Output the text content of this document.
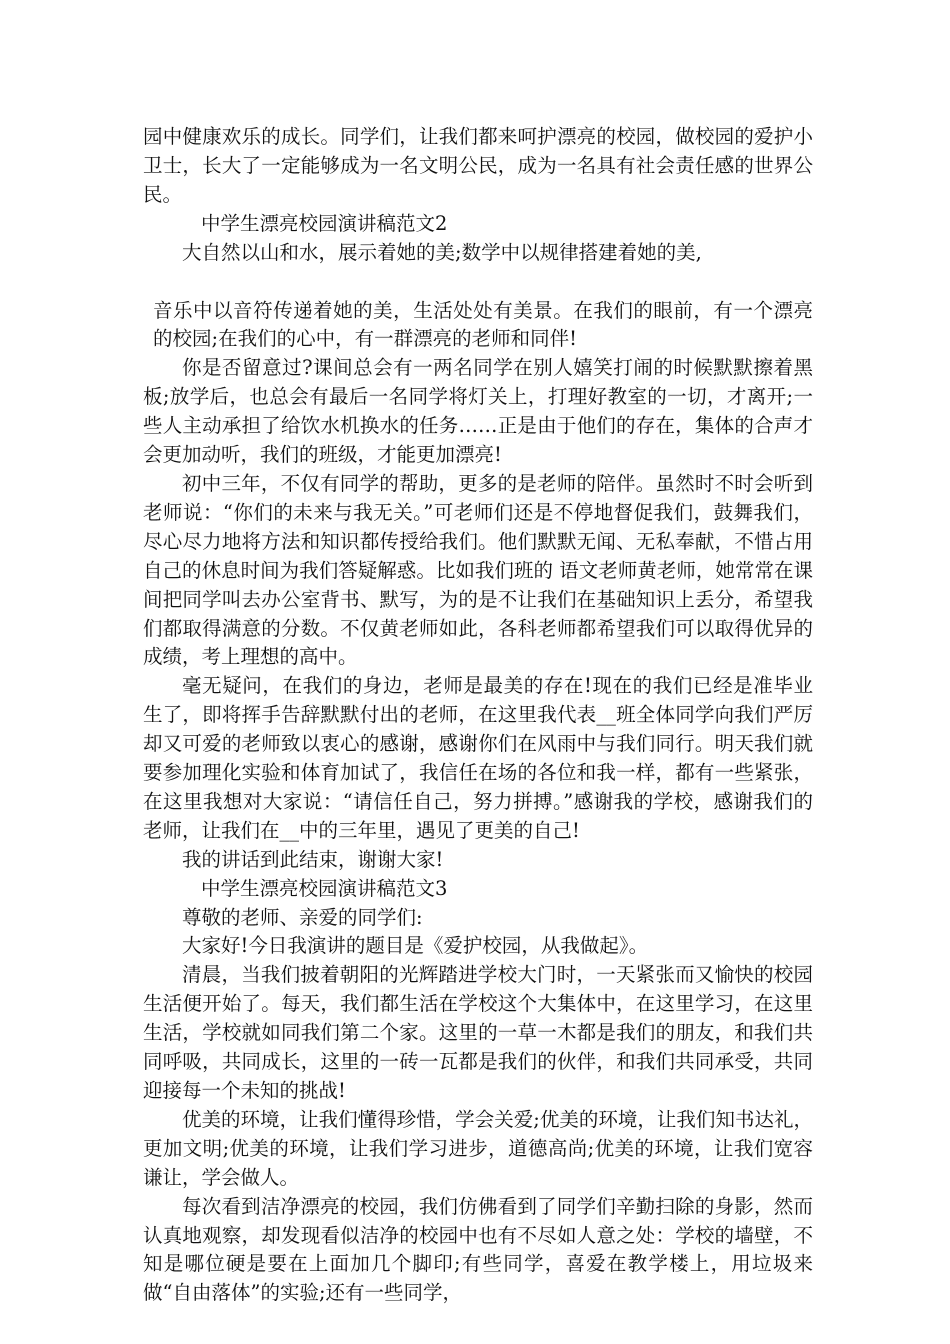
园中健康欢乐的成长。同学们，让我们都来呵护漂亮的校园，做校园的爱护小卫士，长大了一定能够成为一名文明公民，成为一名具有社会责任感的世界公民。

中学生漂亮校园演讲稿范文2

大自然以山和水，展示着她的美;数学中以规律搭建着她的美,

音乐中以音符传递着她的美，生活处处有美景。在我们的眼前，有一个漂亮的校园;在我们的心中，有一群漂亮的老师和同伴!

你是否留意过?课间总会有一两名同学在别人嬉笑打闹的时候默默擦着黑板;放学后，也总会有最后一名同学将灯关上，打理好教室的一切，才离开;一些人主动承担了给饮水机换水的任务……正是由于他们的存在，集体的合声才会更加动听，我们的班级，才能更加漂亮!

初中三年，不仅有同学的帮助，更多的是老师的陪伴。虽然时不时会听到老师说：“你们的未来与我无关。”可老师们还是不停地督促我们，鼓舞我们，尽心尽力地将方法和知识都传授给我们。他们默默无闻、无私奉献，不惜占用自己的休息时间为我们答疑解惑。比如我们班的 语文老师黄老师，她常常在课间把同学叫去办公室背书、默写，为的是不让我们在基础知识上丢分，希望我们都取得满意的分数。不仅黄老师如此，各科老师都希望我们可以取得优异的成绩，考上理想的高中。

毫无疑问，在我们的身边，老师是最美的存在!现在的我们已经是准毕业生了，即将挥手告辞默默付出的老师，在这里我代表__班全体同学向我们严厉却又可爱的老师致以衷心的感谢，感谢你们在风雨中与我们同行。明天我们就要参加理化实验和体育加试了，我信任在场的各位和我一样，都有一些紧张，在这里我想对大家说：“请信任自己，努力拼搏。”感谢我的学校，感谢我们的老师，让我们在__中的三年里，遇见了更美的自己!

我的讲话到此结束，谢谢大家!

中学生漂亮校园演讲稿范文3

尊敬的老师、亲爱的同学们:

大家好!今日我演讲的题目是《爱护校园，从我做起》。

清晨，当我们披着朝阳的光辉踏进学校大门时，一天紧张而又愉快的校园生活便开始了。每天，我们都生活在学校这个大集体中，在这里学习，在这里生活，学校就如同我们第二个家。这里的一草一木都是我们的朋友，和我们共同呼吸，共同成长，这里的一砖一瓦都是我们的伙伴，和我们共同承受，共同迎接每一个未知的挑战!

优美的环境，让我们懂得珍惜，学会关爱;优美的环境，让我们知书达礼，更加文明;优美的环境，让我们学习进步，道德高尚;优美的环境，让我们宽容谦让，学会做人。

每次看到洁净漂亮的校园，我们仿佛看到了同学们辛勤扫除的身影，然而认真地观察，却发现看似洁净的校园中也有不尽如人意之处：学校的墙壁，不知是哪位硬是要在上面加几个脚印;有些同学，喜爱在教学楼上，用垃圾来做“自由落体”的实验;还有一些同学，
